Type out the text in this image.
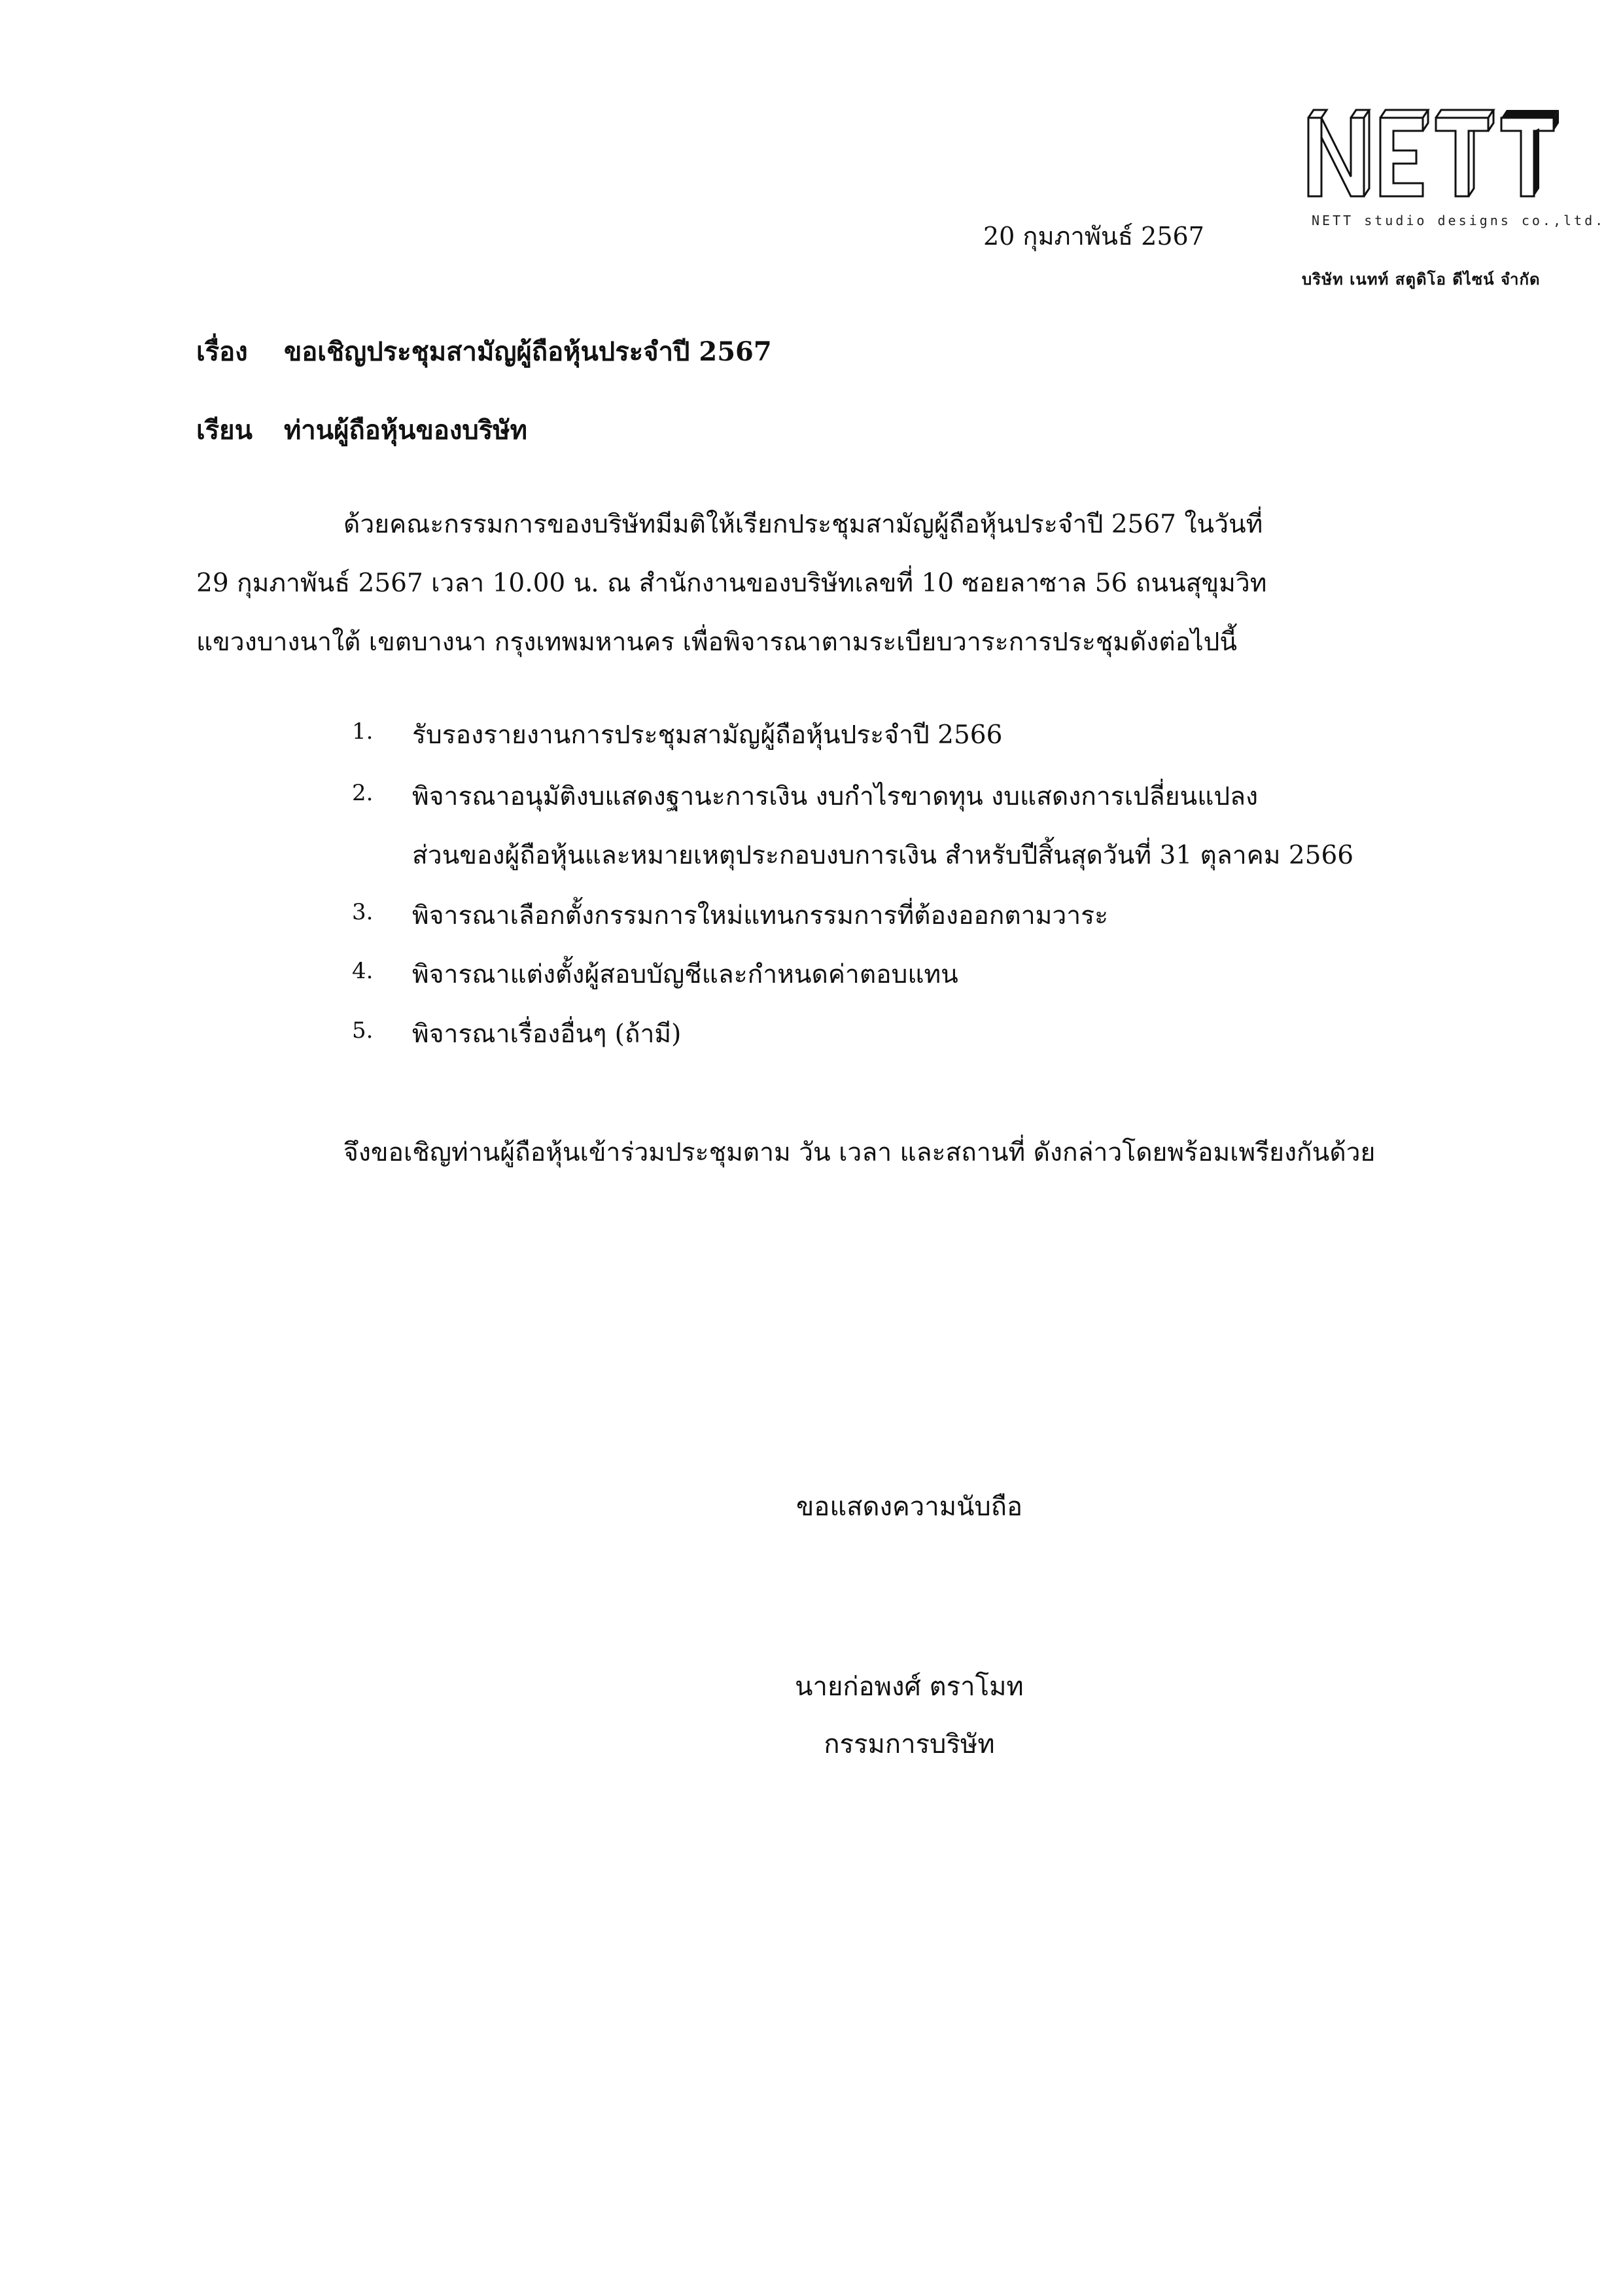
NETT studio designs co.,ltd.
บริษัท เนทท์ สตูดิโอ ดีไซน์ จำกัด
20 กุมภาพันธ์ 2567
เรื่อง ขอเชิญประชุมสามัญผู้ถือหุ้นประจำปี 2567
เรียน ท่านผู้ถือหุ้นของบริษัท
ด้วยคณะกรรมการของบริษัทมีมติให้เรียกประชุมสามัญผู้ถือหุ้นประจำปี 2567 ในวันที่
29 กุมภาพันธ์ 2567 เวลา 10.00 น. ณ สำนักงานของบริษัทเลขที่ 10 ซอยลาซาล 56 ถนนสุขุมวิท
แขวงบางนาใต้ เขตบางนา กรุงเทพมหานคร เพื่อพิจารณาตามระเบียบวาระการประชุมดังต่อไปนี้
1. รับรองรายงานการประชุมสามัญผู้ถือหุ้นประจำปี 2566
2. พิจารณาอนุมัติงบแสดงฐานะการเงิน งบกำไรขาดทุน งบแสดงการเปลี่ยนแปลง
ส่วนของผู้ถือหุ้นและหมายเหตุประกอบงบการเงิน สำหรับปีสิ้นสุดวันที่ 31 ตุลาคม 2566
3. พิจารณาเลือกตั้งกรรมการใหม่แทนกรรมการที่ต้องออกตามวาระ
4. พิจารณาแต่งตั้งผู้สอบบัญชีและกำหนดค่าตอบแทน
5. พิจารณาเรื่องอื่นๆ (ถ้ามี)
จึงขอเชิญท่านผู้ถือหุ้นเข้าร่วมประชุมตาม วัน เวลา และสถานที่ ดังกล่าวโดยพร้อมเพรียงกันด้วย
ขอแสดงความนับถือ
นายก่อพงศ์ ตราโมท
กรรมการบริษัท
